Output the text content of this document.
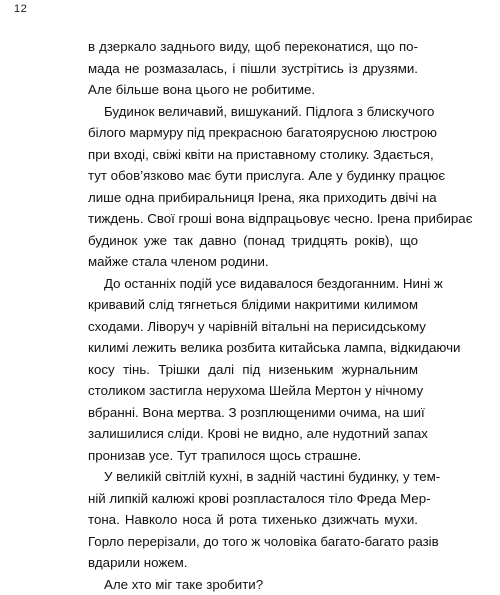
12
в дзеркало заднього виду, щоб переконатися, що по-
мада не розмазалась, і пішли зустрітись із друзями.
Але більше вона цього не робитиме.
Будинок величавий, вишуканий. Підлога з блискучого
білого мармуру під прекрасною багатоярусною люстрою
при вході, свіжі квіти на приставному столику. Здається,
тут обов’язково має бути прислуга. Але у будинку працює
лише одна прибиральниця Ірена, яка приходить двічі на
тиждень. Свої гроші вона відпрацьовує чесно. Ірена прибирає
будинок уже так давно (понад тридцять років), що
майже стала членом родини.
До останніх подій усе видавалося бездоганним. Нині ж
кривавий слід тягнеться блідими накритими килимом
сходами. Ліворуч у чарівній вітальні на перисидському
килимі лежить велика розбита китайська лампа, відкидаючи
косу тінь. Трішки далі під низеньким журнальним
столиком застигла нерухома Шейла Мертон у нічному
вбранні. Вона мертва. З розплющеними очима, на шиї
залишилися сліди. Крові не видно, але нудотний запах
пронизав усе. Тут трапилося щось страшне.
У великій світлій кухні, в задній частині будинку, у тем-
ній липкій калюжі крові розпласталося тіло Фреда Мер-
тона. Навколо носа й рота тихенько дзижчать мухи.
Горло перерізали, до того ж чоловіка багато-багато разів
вдарили ножем.
Але хто міг таке зробити?
